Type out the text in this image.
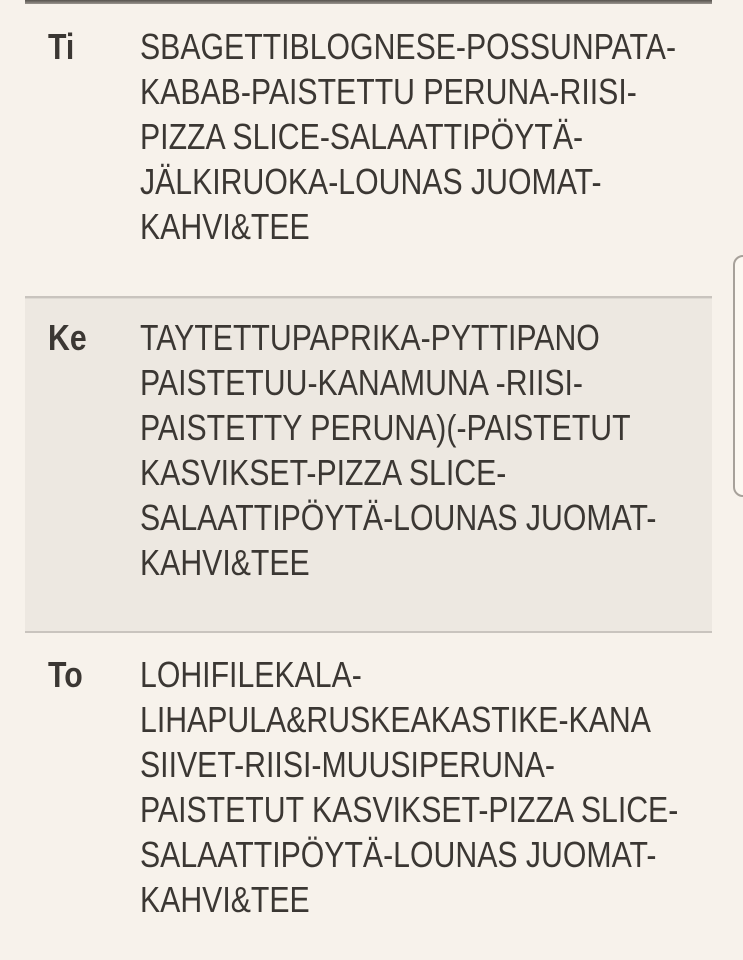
Ti	SBAGETTIBLOGNESE-POSSUNPATA-
KABAB-PAISTETTU PERUNA-RIISI-
PIZZA SLICE-SALAATTIPÖYTÄ-
JÄLKIRUOKA-LOUNAS JUOMAT-
KAHVI&TEE
Ke	TAYTETTUPAPRIKA-PYTTIPANO
PAISTETUU-KANAMUNA -RIISI-
PAISTETTY PERUNA)(-PAISTETUT
KASVIKSET-PIZZA SLICE-
SALAATTIPÖYTÄ-LOUNAS JUOMAT-
KAHVI&TEE
To	LOHIFILEKALA-
LIHAPULA&RUSKEAKASTIKE-KANA
SIIVET-RIISI-MUUSIPERUNA-
PAISTETUT KASVIKSET-PIZZA SLICE-
SALAATTIPÖYTÄ-LOUNAS JUOMAT-
KAHVI&TEE
